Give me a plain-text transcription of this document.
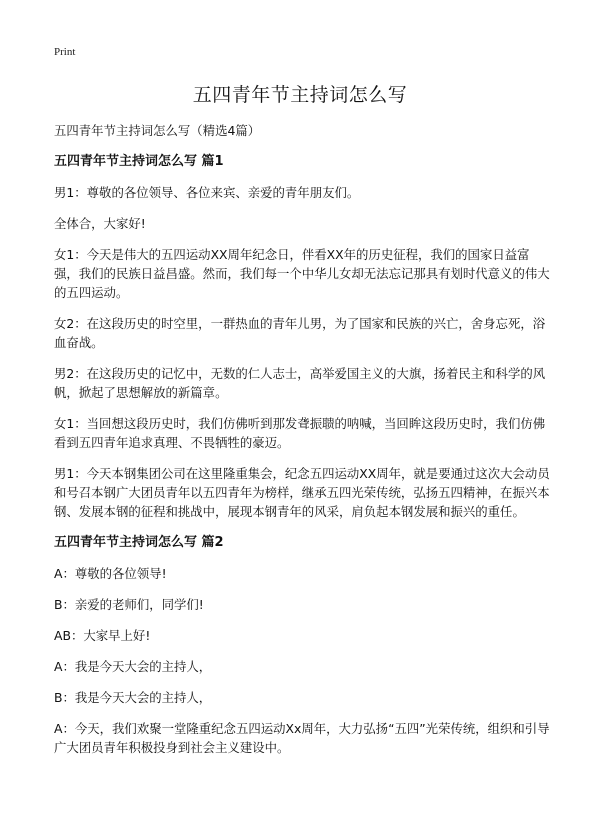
Print
五四青年节主持词怎么写

五四青年节主持词怎么写（精选4篇）

五四青年节主持词怎么写 篇1

男1：尊敬的各位领导、各位来宾、亲爱的青年朋友们。

全体合，大家好!

女1：今天是伟大的五四运动XX周年纪念日，伴看XX年的历史征程，我们的国家日益富强，我们的民族日益昌盛。然而，我们每一个中华儿女却无法忘记那具有划时代意义的伟大的五四运动。

女2：在这段历史的时空里，一群热血的青年儿男，为了国家和民族的兴亡，舍身忘死，浴血奋战。

男2：在这段历史的记忆中，无数的仁人志士，高举爱国主义的大旗，扬着民主和科学的风帆，掀起了思想解放的新篇章。

女1：当回想这段历史时，我们仿佛听到那发聋振聩的呐喊，当回眸这段历史时，我们仿佛看到五四青年追求真理、不畏牺牲的豪迈。

男1：今天本钢集团公司在这里隆重集会，纪念五四运动XX周年，就是要通过这次大会动员和号召本钢广大团员青年以五四青年为榜样，继承五四光荣传统，弘扬五四精神，在振兴本钢、发展本钢的征程和挑战中，展现本钢青年的风采，肩负起本钢发展和振兴的重任。

五四青年节主持词怎么写 篇2

A：尊敬的各位领导!

B：亲爱的老师们，同学们!

AB：大家早上好!

A：我是今天大会的主持人，

B：我是今天大会的主持人，

A：今天，我们欢聚一堂隆重纪念五四运动Xx周年，大力弘扬“五四”光荣传统，组织和引导广大团员青年积极投身到社会主义建设中。
